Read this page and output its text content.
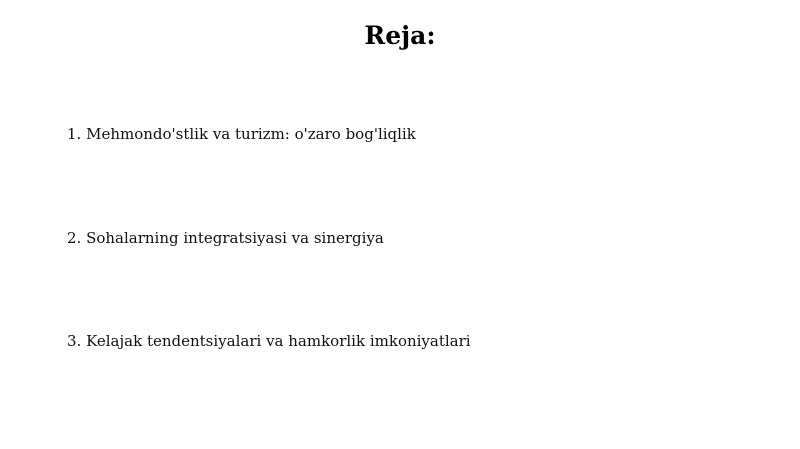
Reja:
1. Mehmondo'stlik va turizm: o'zaro bog'liqlik
2. Sohalarning integratsiyasi va sinergiya
3. Kelajak tendentsiyalari va hamkorlik imkoniyatlari
